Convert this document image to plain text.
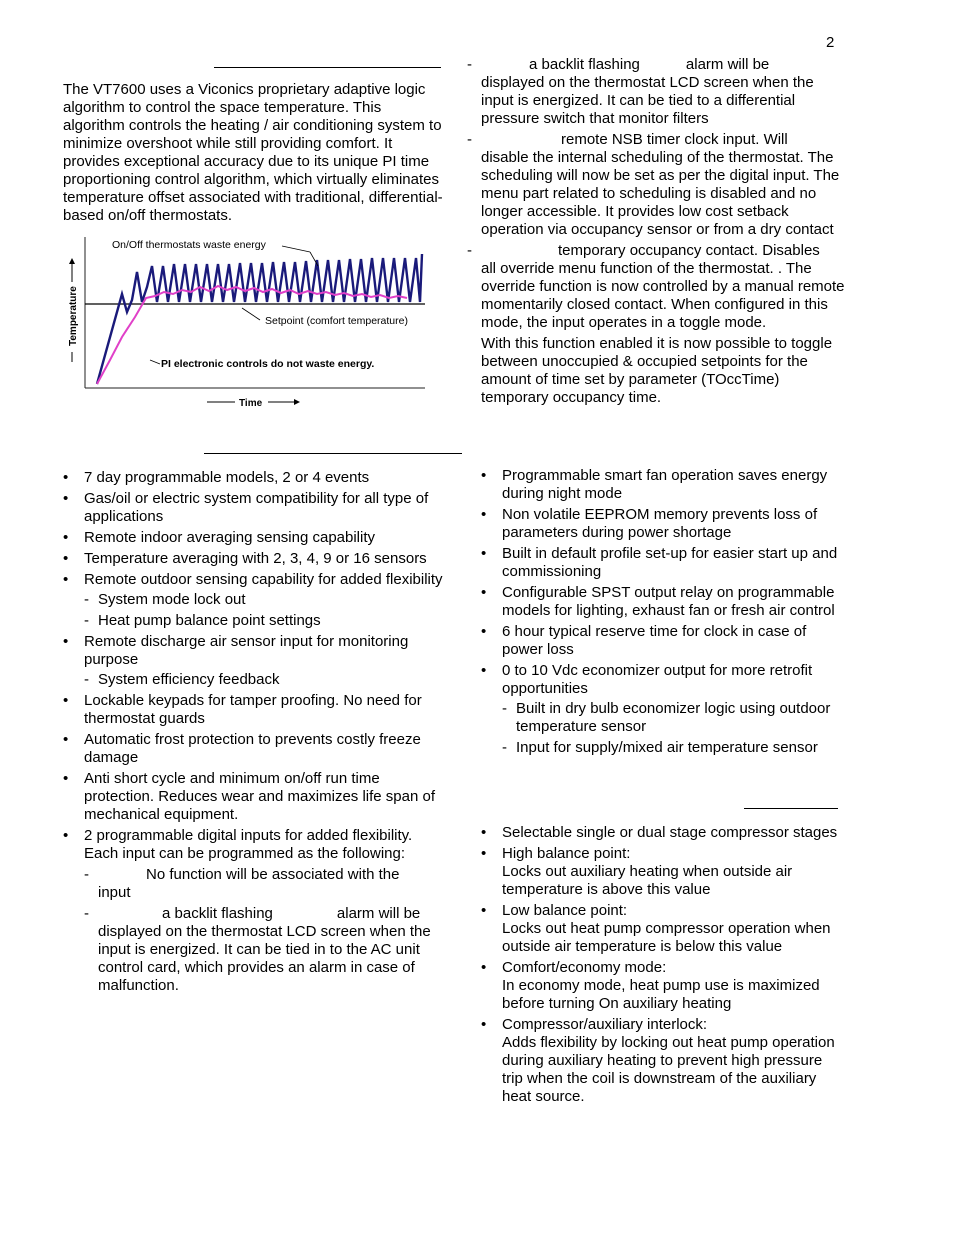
2

The VT7600 uses a Viconics proprietary adaptive logic algorithm to control the space temperature. This algorithm controls the heating / air conditioning system to minimize overshoot while still providing comfort. It provides exceptional accuracy due to its unique PI time proportioning control algorithm, which virtually eliminates temperature offset associated with traditional, differential-based on/off thermostats.

On/Off thermostats waste energy
Setpoint (comfort temperature)
PI electronic controls do not waste energy.
Temperature
Time
-	a backlit flashing	alarm will be
displayed on the thermostat LCD screen when the input is energized. It can be tied to a differential pressure switch that monitor filters
-	remote NSB timer clock input. Will
disable the internal scheduling of the thermostat. The scheduling will now be set as per the digital input. The menu part related to scheduling is disabled and no longer accessible. It provides low cost setback operation via occupancy sensor or from a dry contact
-	temporary occupancy contact. Disables
all override menu function of the thermostat. . The override function is now controlled by a manual remote momentarily closed contact. When configured in this mode, the input operates in a toggle mode.
With this function enabled it is now possible to toggle between unoccupied & occupied setpoints for the amount of time set by parameter (TOccTime) temporary occupancy time.
• 7 day programmable models, 2 or 4 events
• Gas/oil or electric system compatibility for all type of applications
• Remote indoor averaging sensing capability
• Temperature averaging with 2, 3, 4, 9 or 16 sensors
• Remote outdoor sensing capability for added flexibility
- System mode lock out
- Heat pump balance point settings
• Remote discharge air sensor input for monitoring purpose
- System efficiency feedback
• Lockable keypads for tamper proofing. No need for thermostat guards
• Automatic frost protection to prevents costly freeze damage
• Anti short cycle and minimum on/off run time protection. Reduces wear and maximizes life span of mechanical equipment.
• 2 programmable digital inputs for added flexibility. Each input can be programmed as the following:
-	No function will be associated with the
input
-	a backlit flashing	alarm will be
displayed on the thermostat LCD screen when the input is energized. It can be tied in to the AC unit control card, which provides an alarm in case of malfunction.
• Programmable smart fan operation saves energy during night mode
• Non volatile EEPROM memory prevents loss of parameters during power shortage
• Built in default profile set-up for easier start up and commissioning
• Configurable SPST output relay on programmable models for lighting, exhaust fan or fresh air control
• 6 hour typical reserve time for clock in case of power loss
• 0 to 10 Vdc economizer output for more retrofit opportunities
- Built in dry bulb economizer logic using outdoor temperature sensor
- Input for supply/mixed air temperature sensor
• Selectable single or dual stage compressor stages
• High balance point:
Locks out auxiliary heating when outside air temperature is above this value
• Low balance point:
Locks out heat pump compressor operation when outside air temperature is below this value
• Comfort/economy mode:
In economy mode, heat pump use is maximized before turning On auxiliary heating
• Compressor/auxiliary interlock:
Adds flexibility by locking out heat pump operation during auxiliary heating to prevent high pressure trip when the coil is downstream of the auxiliary heat source.
